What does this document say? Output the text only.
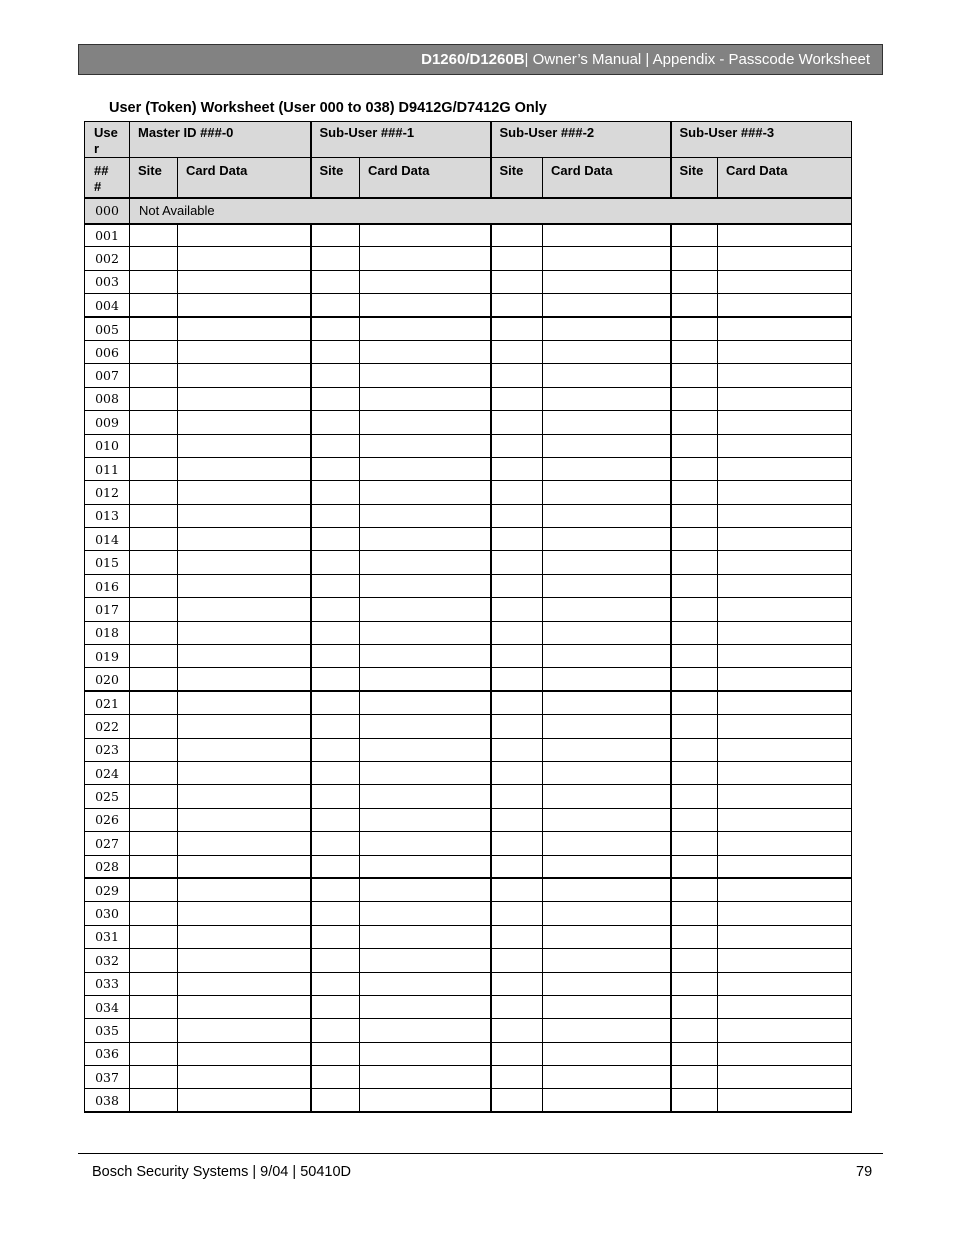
D1260/D1260B | Owner’s Manual | Appendix - Passcode Worksheet
User (Token) Worksheet (User 000 to 038) D9412G/D7412G Only
Use
r	Master ID ###-0		Sub-User ###-1		Sub-User ###-2		Sub-User ###-3	
##
#	Site	Card Data	Site	Card Data	Site	Card Data	Site	Card Data
000	Not Available							
001								
002								
003								
004								
005								
006								
007								
008								
009								
010								
011								
012								
013								
014								
015								
016								
017								
018								
019								
020								
021								
022								
023								
024								
025								
026								
027								
028								
029								
030								
031								
032								
033								
034								
035								
036								
037								
038								
Bosch Security Systems | 9/04 | 50410D	79
